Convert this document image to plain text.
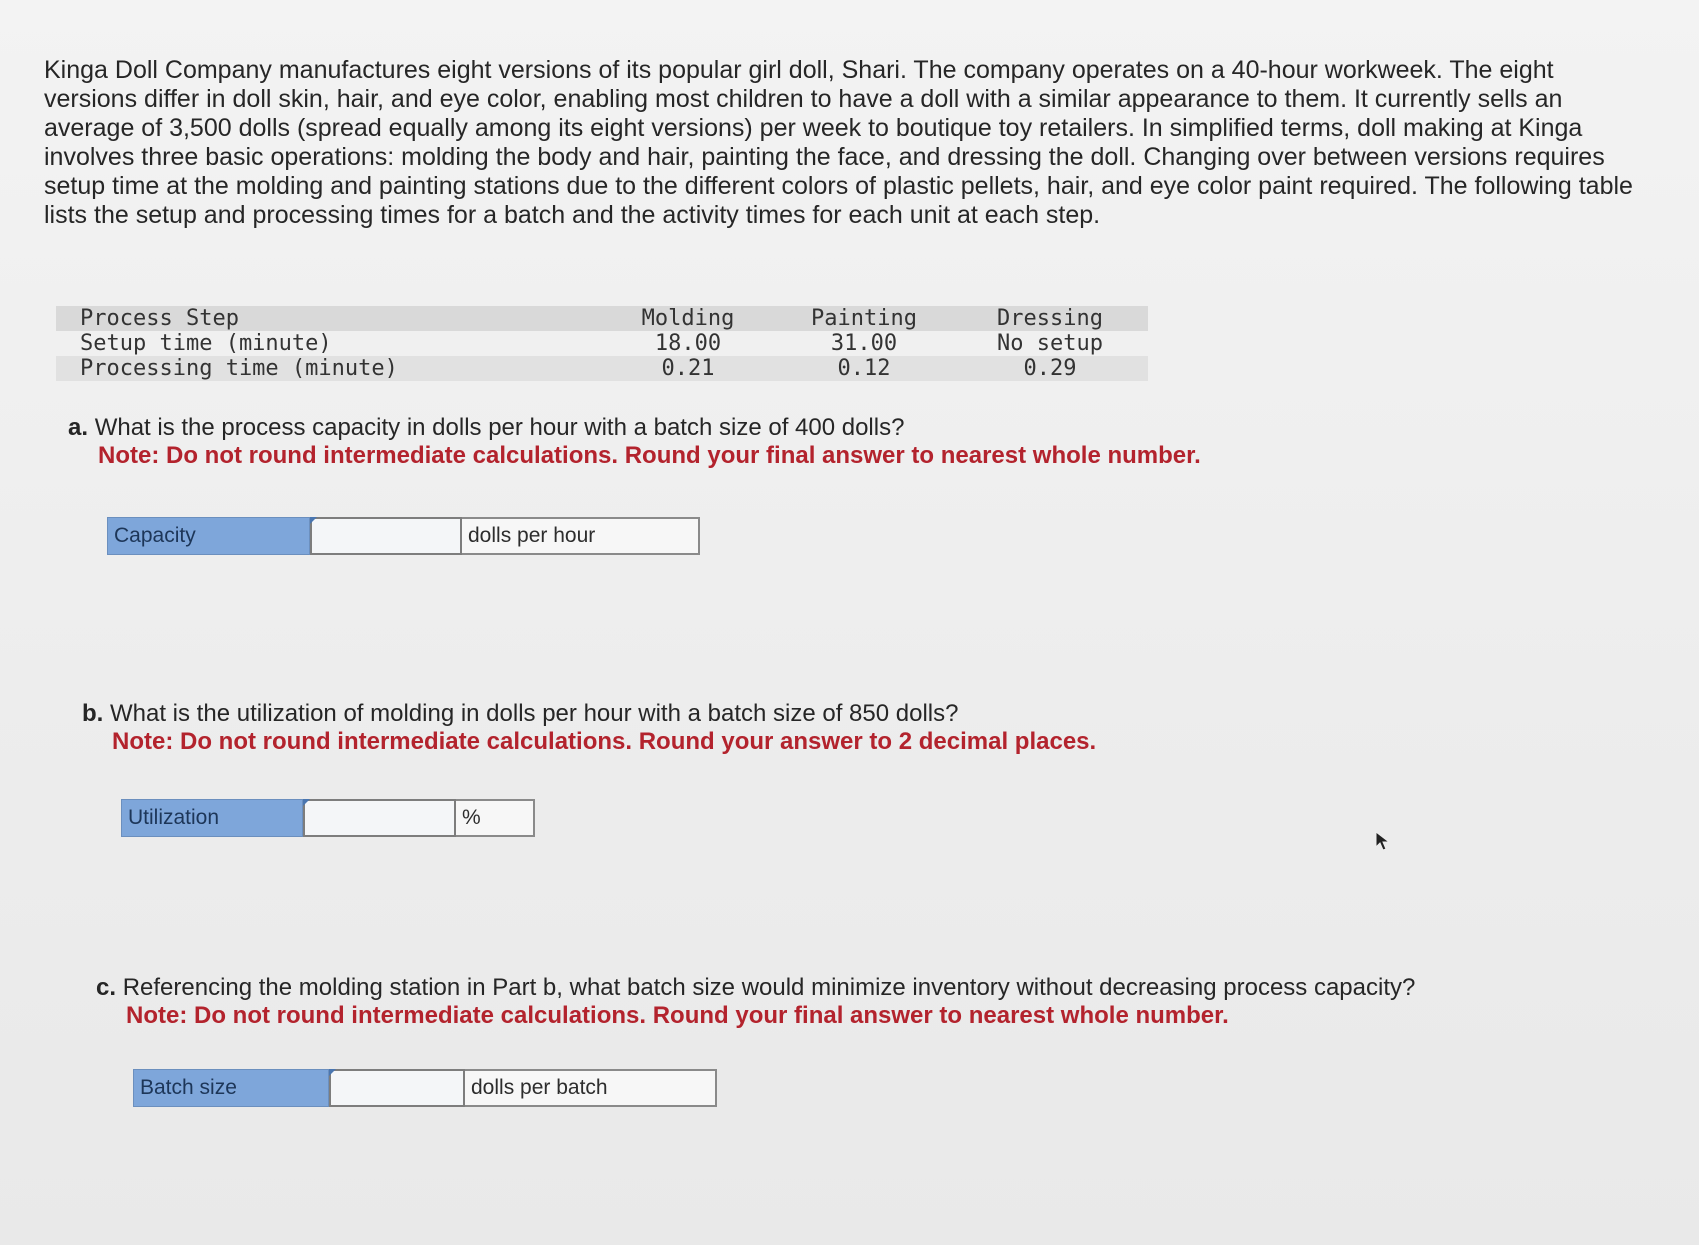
Kinga Doll Company manufactures eight versions of its popular girl doll, Shari. The company operates on a 40-hour workweek. The eight versions differ in doll skin, hair, and eye color, enabling most children to have a doll with a similar appearance to them. It currently sells an average of 3,500 dolls (spread equally among its eight versions) per week to boutique toy retailers. In simplified terms, doll making at Kinga involves three basic operations: molding the body and hair, painting the face, and dressing the doll. Changing over between versions requires setup time at the molding and painting stations due to the different colors of plastic pellets, hair, and eye color paint required. The following table lists the setup and processing times for a batch and the activity times for each unit at each step.

Process Step	Molding	Painting	Dressing
Setup time (minute)	18.00	31.00	No setup
Processing time (minute)	0.21	0.12	0.29
a. What is the process capacity in dolls per hour with a batch size of 400 dolls?
Note: Do not round intermediate calculations. Round your final answer to nearest whole number.
Capacity	dolls per hour
b. What is the utilization of molding in dolls per hour with a batch size of 850 dolls?
Note: Do not round intermediate calculations. Round your answer to 2 decimal places.
Utilization	%
c. Referencing the molding station in Part b, what batch size would minimize inventory without decreasing process capacity?
Note: Do not round intermediate calculations. Round your final answer to nearest whole number.
Batch size	dolls per batch
